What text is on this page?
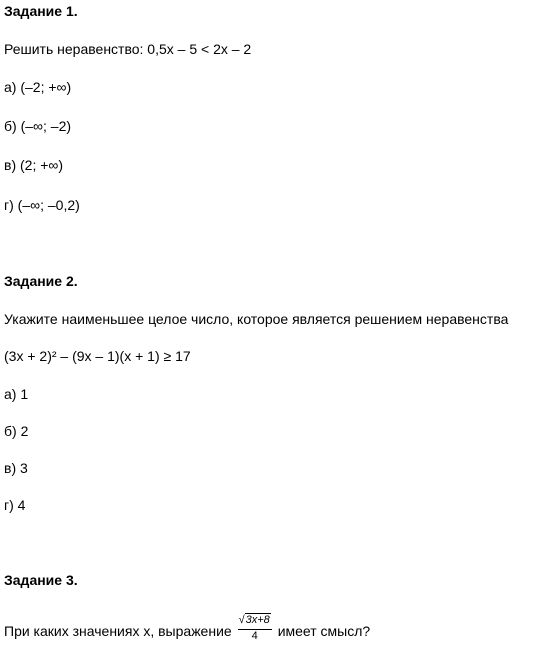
Задание 1.
Решить неравенство: 0,5x – 5 < 2x – 2
а) (–2; +∞)
б) (–∞; –2)
в) (2; +∞)
г) (–∞; –0,2)
Задание 2.
Укажите наименьшее целое число, которое является решением неравенства
(3x + 2)² – (9x – 1)(x + 1) ≥ 17
а) 1
б) 2
в) 3
г) 4
Задание 3.
При каких значениях x, выражение $\frac{√3x+8}{4}$ имеет смысл?
